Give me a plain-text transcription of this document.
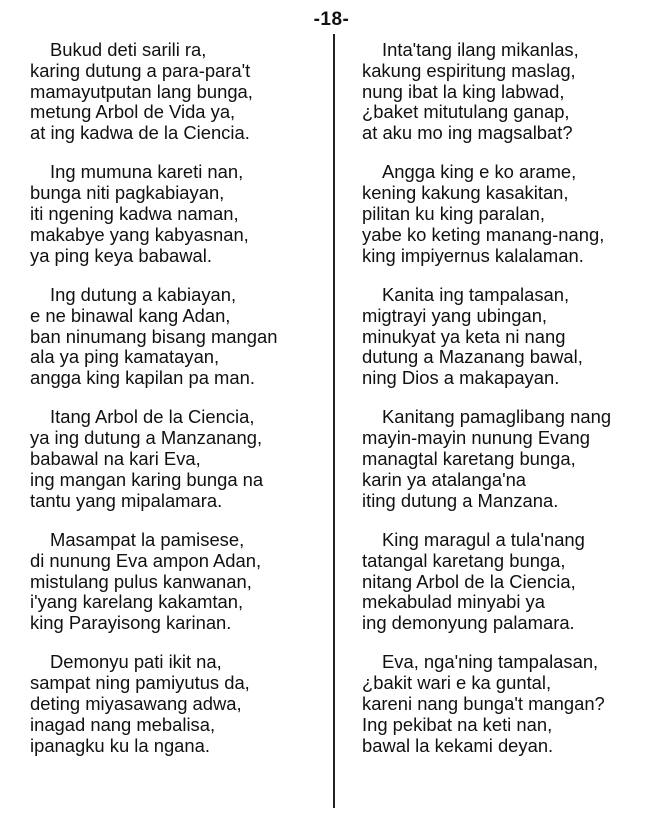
-18-
Bukud deti sarili ra,
karing dutung a para-para't
mamayutputan lang bunga,
metung Arbol de Vida ya,
at ing kadwa de la Ciencia.
Ing mumuna kareti nan,
bunga niti pagkabiayan,
iti ngening kadwa naman,
makabye yang kabyasnan,
ya ping keya babawal.
Ing dutung a kabiayan,
e ne binawal kang Adan,
ban ninumang bisang mangan
ala ya ping kamatayan,
angga king kapilan pa man.
Itang Arbol de la Ciencia,
ya ing dutung a Manzanang,
babawal na kari Eva,
ing mangan karing bunga na
tantu yang mipalamara.
Masampat la pamisese,
di nunung Eva ampon Adan,
mistulang pulus kanwanan,
i'yang karelang kakamtan,
king Parayisong karinan.
Demonyu pati ikit na,
sampat ning pamiyutus da,
deting miyasawang adwa,
inagad nang mebalisa,
ipanagku ku la ngana.
Inta'tang ilang mikanlas,
kakung espiritung maslag,
nung ibat la king labwad,
¿baket mitutulang ganap,
at aku mo ing magsalbat?
Angga king e ko arame,
kening kakung kasakitan,
pilitan ku king paralan,
yabe ko keting manang-nang,
king impiyernus kalalaman.
Kanita ing tampalasan,
migtrayi yang ubingan,
minukyat ya keta ni nang
dutung a Mazanang bawal,
ning Dios a makapayan.
Kanitang pamaglibang nang
mayin-mayin nunung Evang
managtal karetang bunga,
karin ya atalanga'na
iting dutung a Manzana.
King maragul a tula'nang
tatangal karetang bunga,
nitang Arbol de la Ciencia,
mekabulad minyabi ya
ing demonyung palamara.
Eva, nga'ning tampalasan,
¿bakit wari e ka guntal,
kareni nang bunga't mangan?
Ing pekibat na keti nan,
bawal la kekami deyan.
